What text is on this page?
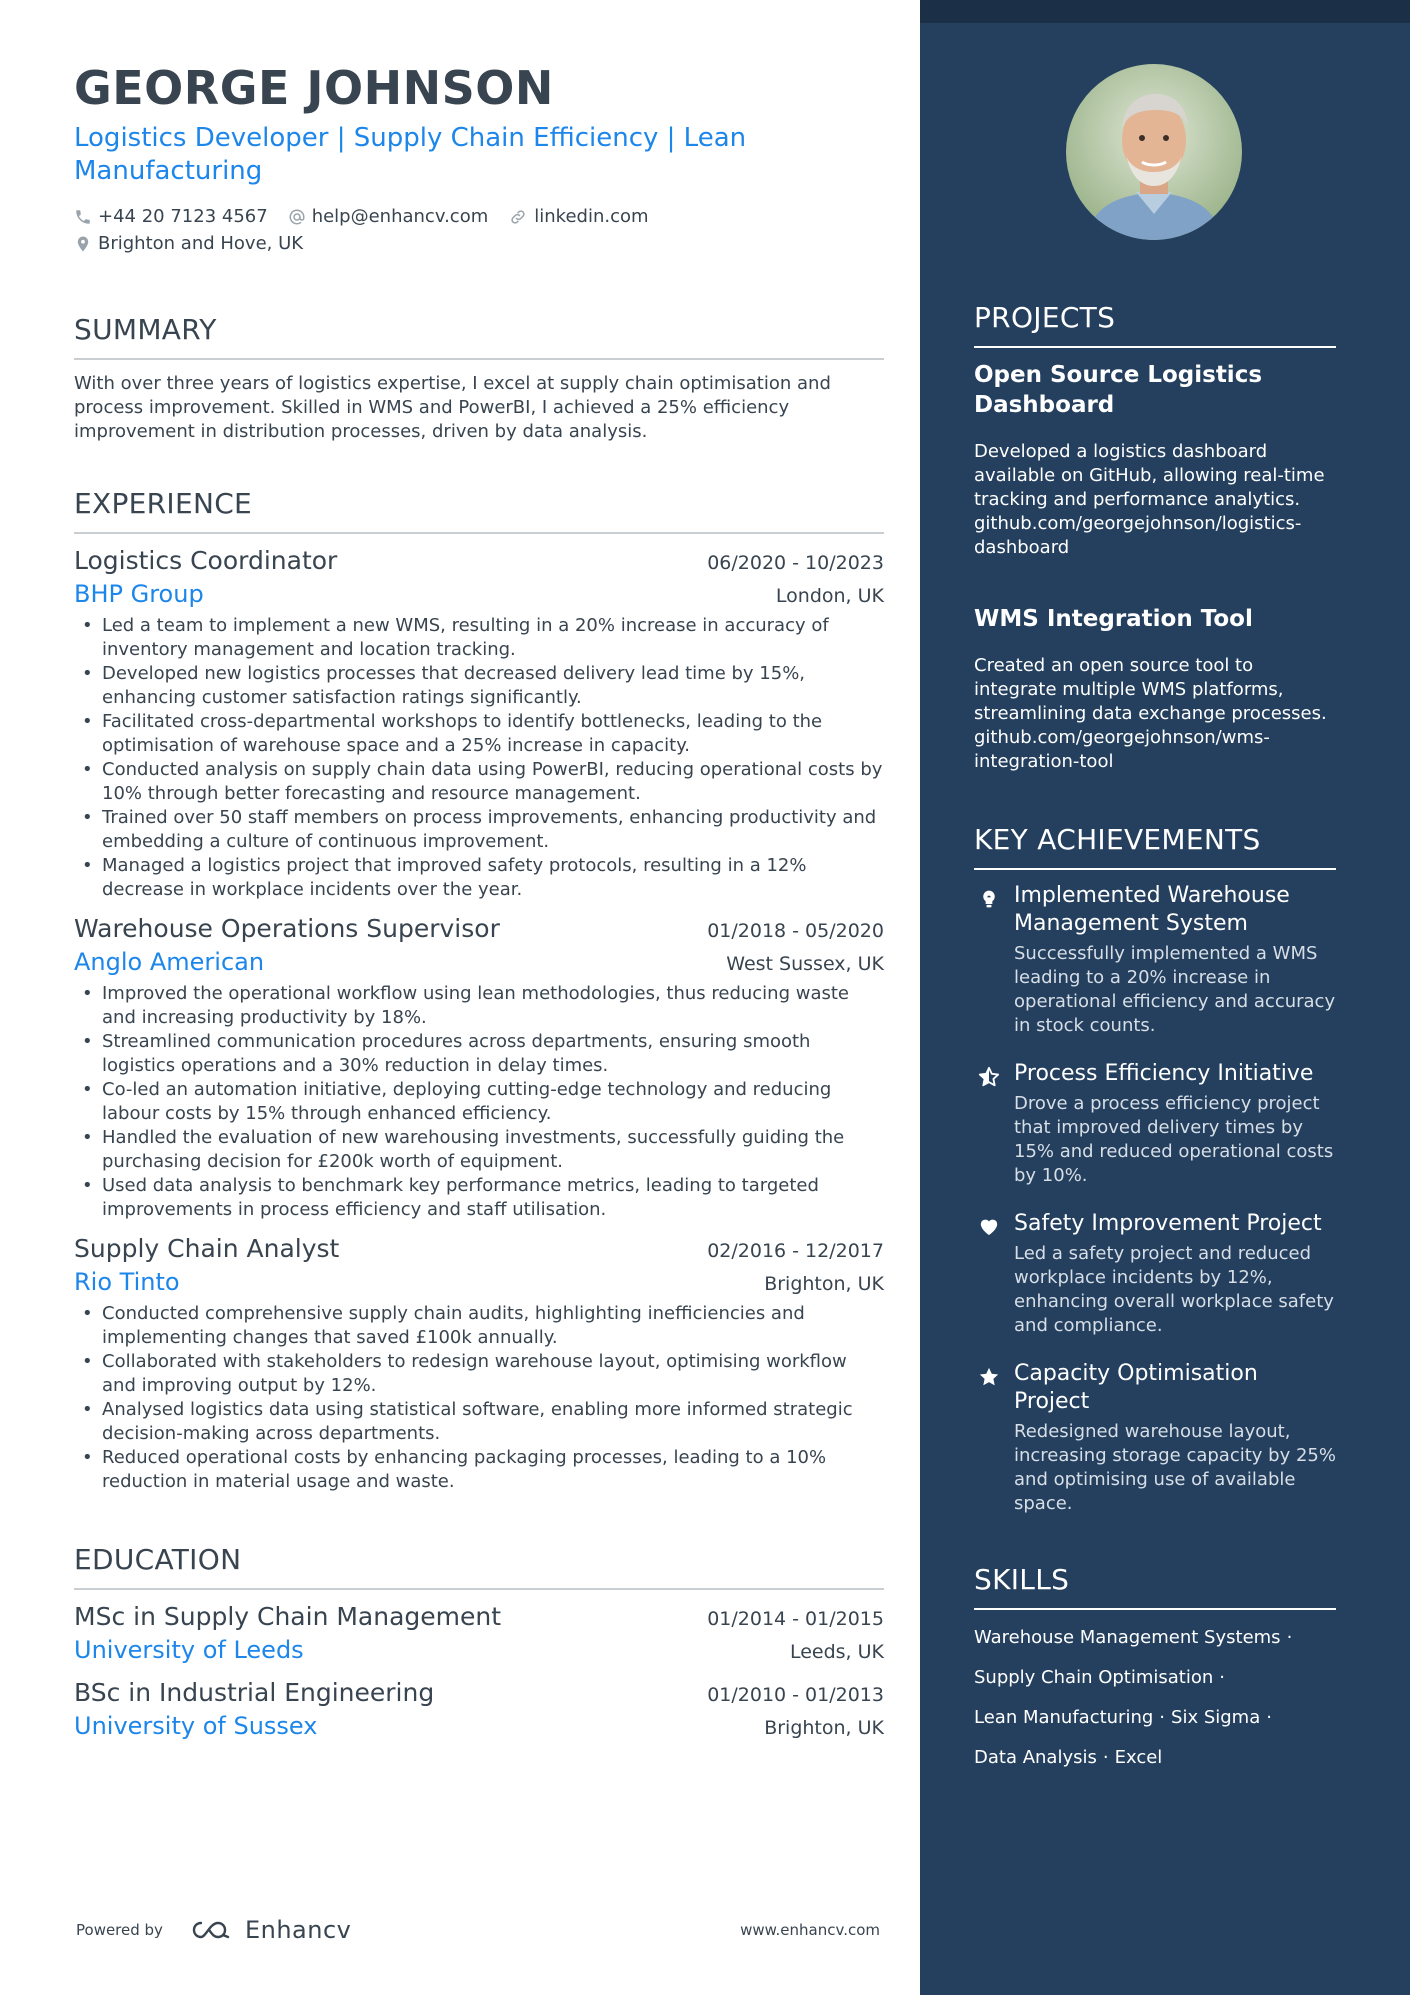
GEORGE JOHNSON
Logistics Developer | Supply Chain Efficiency | Lean Manufacturing
+44 20 7123 4567 help@enhancv.com	linkedin.com
Brighton and Hove, UK
SUMMARY
With over three years of logistics expertise, I excel at supply chain optimisation and process improvement. Skilled in WMS and PowerBI, I achieved a 25% efficiency improvement in distribution processes, driven by data analysis.
EXPERIENCE
Logistics Coordinator	06/2020 - 10/2023
BHP Group	London, UK
• Led a team to implement a new WMS, resulting in a 20% increase in accuracy of inventory management and location tracking.
• Developed new logistics processes that decreased delivery lead time by 15%, enhancing customer satisfaction ratings significantly.
• Facilitated cross-departmental workshops to identify bottlenecks, leading to the optimisation of warehouse space and a 25% increase in capacity.
• Conducted analysis on supply chain data using PowerBI, reducing operational costs by 10% through better forecasting and resource management.
• Trained over 50 staff members on process improvements, enhancing productivity and embedding a culture of continuous improvement.
• Managed a logistics project that improved safety protocols, resulting in a 12% decrease in workplace incidents over the year.
Warehouse Operations Supervisor	01/2018 - 05/2020
Anglo American	West Sussex, UK
• Improved the operational workflow using lean methodologies, thus reducing waste and increasing productivity by 18%.
• Streamlined communication procedures across departments, ensuring smooth logistics operations and a 30% reduction in delay times.
• Co-led an automation initiative, deploying cutting-edge technology and reducing labour costs by 15% through enhanced efficiency.
• Handled the evaluation of new warehousing investments, successfully guiding the purchasing decision for £200k worth of equipment.
• Used data analysis to benchmark key performance metrics, leading to targeted improvements in process efficiency and staff utilisation.
Supply Chain Analyst	02/2016 - 12/2017
Rio Tinto	Brighton, UK
• Conducted comprehensive supply chain audits, highlighting inefficiencies and implementing changes that saved £100k annually.
• Collaborated with stakeholders to redesign warehouse layout, optimising workflow and improving output by 12%.
• Analysed logistics data using statistical software, enabling more informed strategic decision-making across departments.
• Reduced operational costs by enhancing packaging processes, leading to a 10% reduction in material usage and waste.
EDUCATION
MSc in Supply Chain Management	01/2014 - 01/2015
University of Leeds	Leeds, UK
BSc in Industrial Engineering	01/2010 - 01/2013
University of Sussex	Brighton, UK
Powered by	Enhancv	www.enhancv.com
PROJECTS
Open Source Logistics Dashboard
Developed a logistics dashboard available on GitHub, allowing real-time tracking and performance analytics. github.com/georgejohnson/logistics-dashboard
WMS Integration Tool
Created an open source tool to integrate multiple WMS platforms, streamlining data exchange processes. github.com/georgejohnson/wms-integration-tool
KEY ACHIEVEMENTS
Implemented Warehouse Management System
Successfully implemented a WMS leading to a 20% increase in operational efficiency and accuracy in stock counts.
Process Efficiency Initiative
Drove a process efficiency project that improved delivery times by 15% and reduced operational costs by 10%.
Safety Improvement Project
Led a safety project and reduced workplace incidents by 12%, enhancing overall workplace safety and compliance.
Capacity Optimisation Project
Redesigned warehouse layout, increasing storage capacity by 25% and optimising use of available space.
SKILLS
Warehouse Management Systems ·
Supply Chain Optimisation ·
Lean Manufacturing · Six Sigma ·
Data Analysis · Excel
